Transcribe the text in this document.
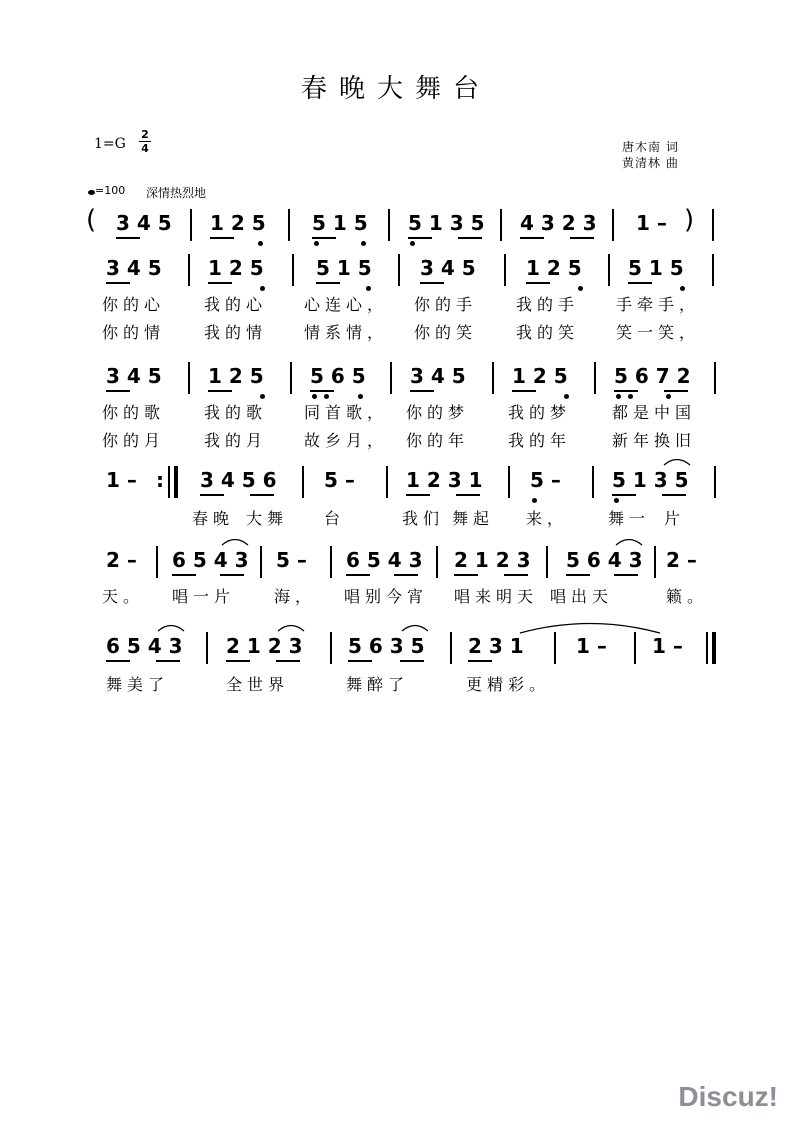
春晚大舞台
1=G
2
4	唐木南 词
黄清林 曲
=100 深情热烈地
( 3 4 5 1 2 5 5 1 5 5 1 3 5 4 3 2 3 1 – )
3 4 5 1 2 5	5 1 5 3 4 5	1 2 5 5 1 5
你的心 我的心 心连心， 你的手 我的手 手牵手，
你的情 我的情 情系情， 你的笑 我的笑 笑一笑，
3 4 5 1 2 5 5 6 5 3 4 5 1 2 5 5 6 7 2
你的歌 我的歌 同首歌， 你的梦 我的梦	都是中国
你的月 我的月 故乡月， 你的年 我的年	新年换旧
1 – : 3 4 5 6 5 –	1 2 3 1 5 –	5 1 3 5
春晚 大舞 台	我们 舞起 来， 舞一 片
2 – 6 5 4 3 5 – 6 5 4 3 2 1 2 3 5 6 4 3 2 –
天。 唱一片 海， 唱别今宵 唱来明天 唱出天	籁。
6 5 4 3 2 1 2 3 5 6 3 5 2 3 1	1 – 1 –
舞美了	全世界	舞醉了	更精彩。
Discuz!
